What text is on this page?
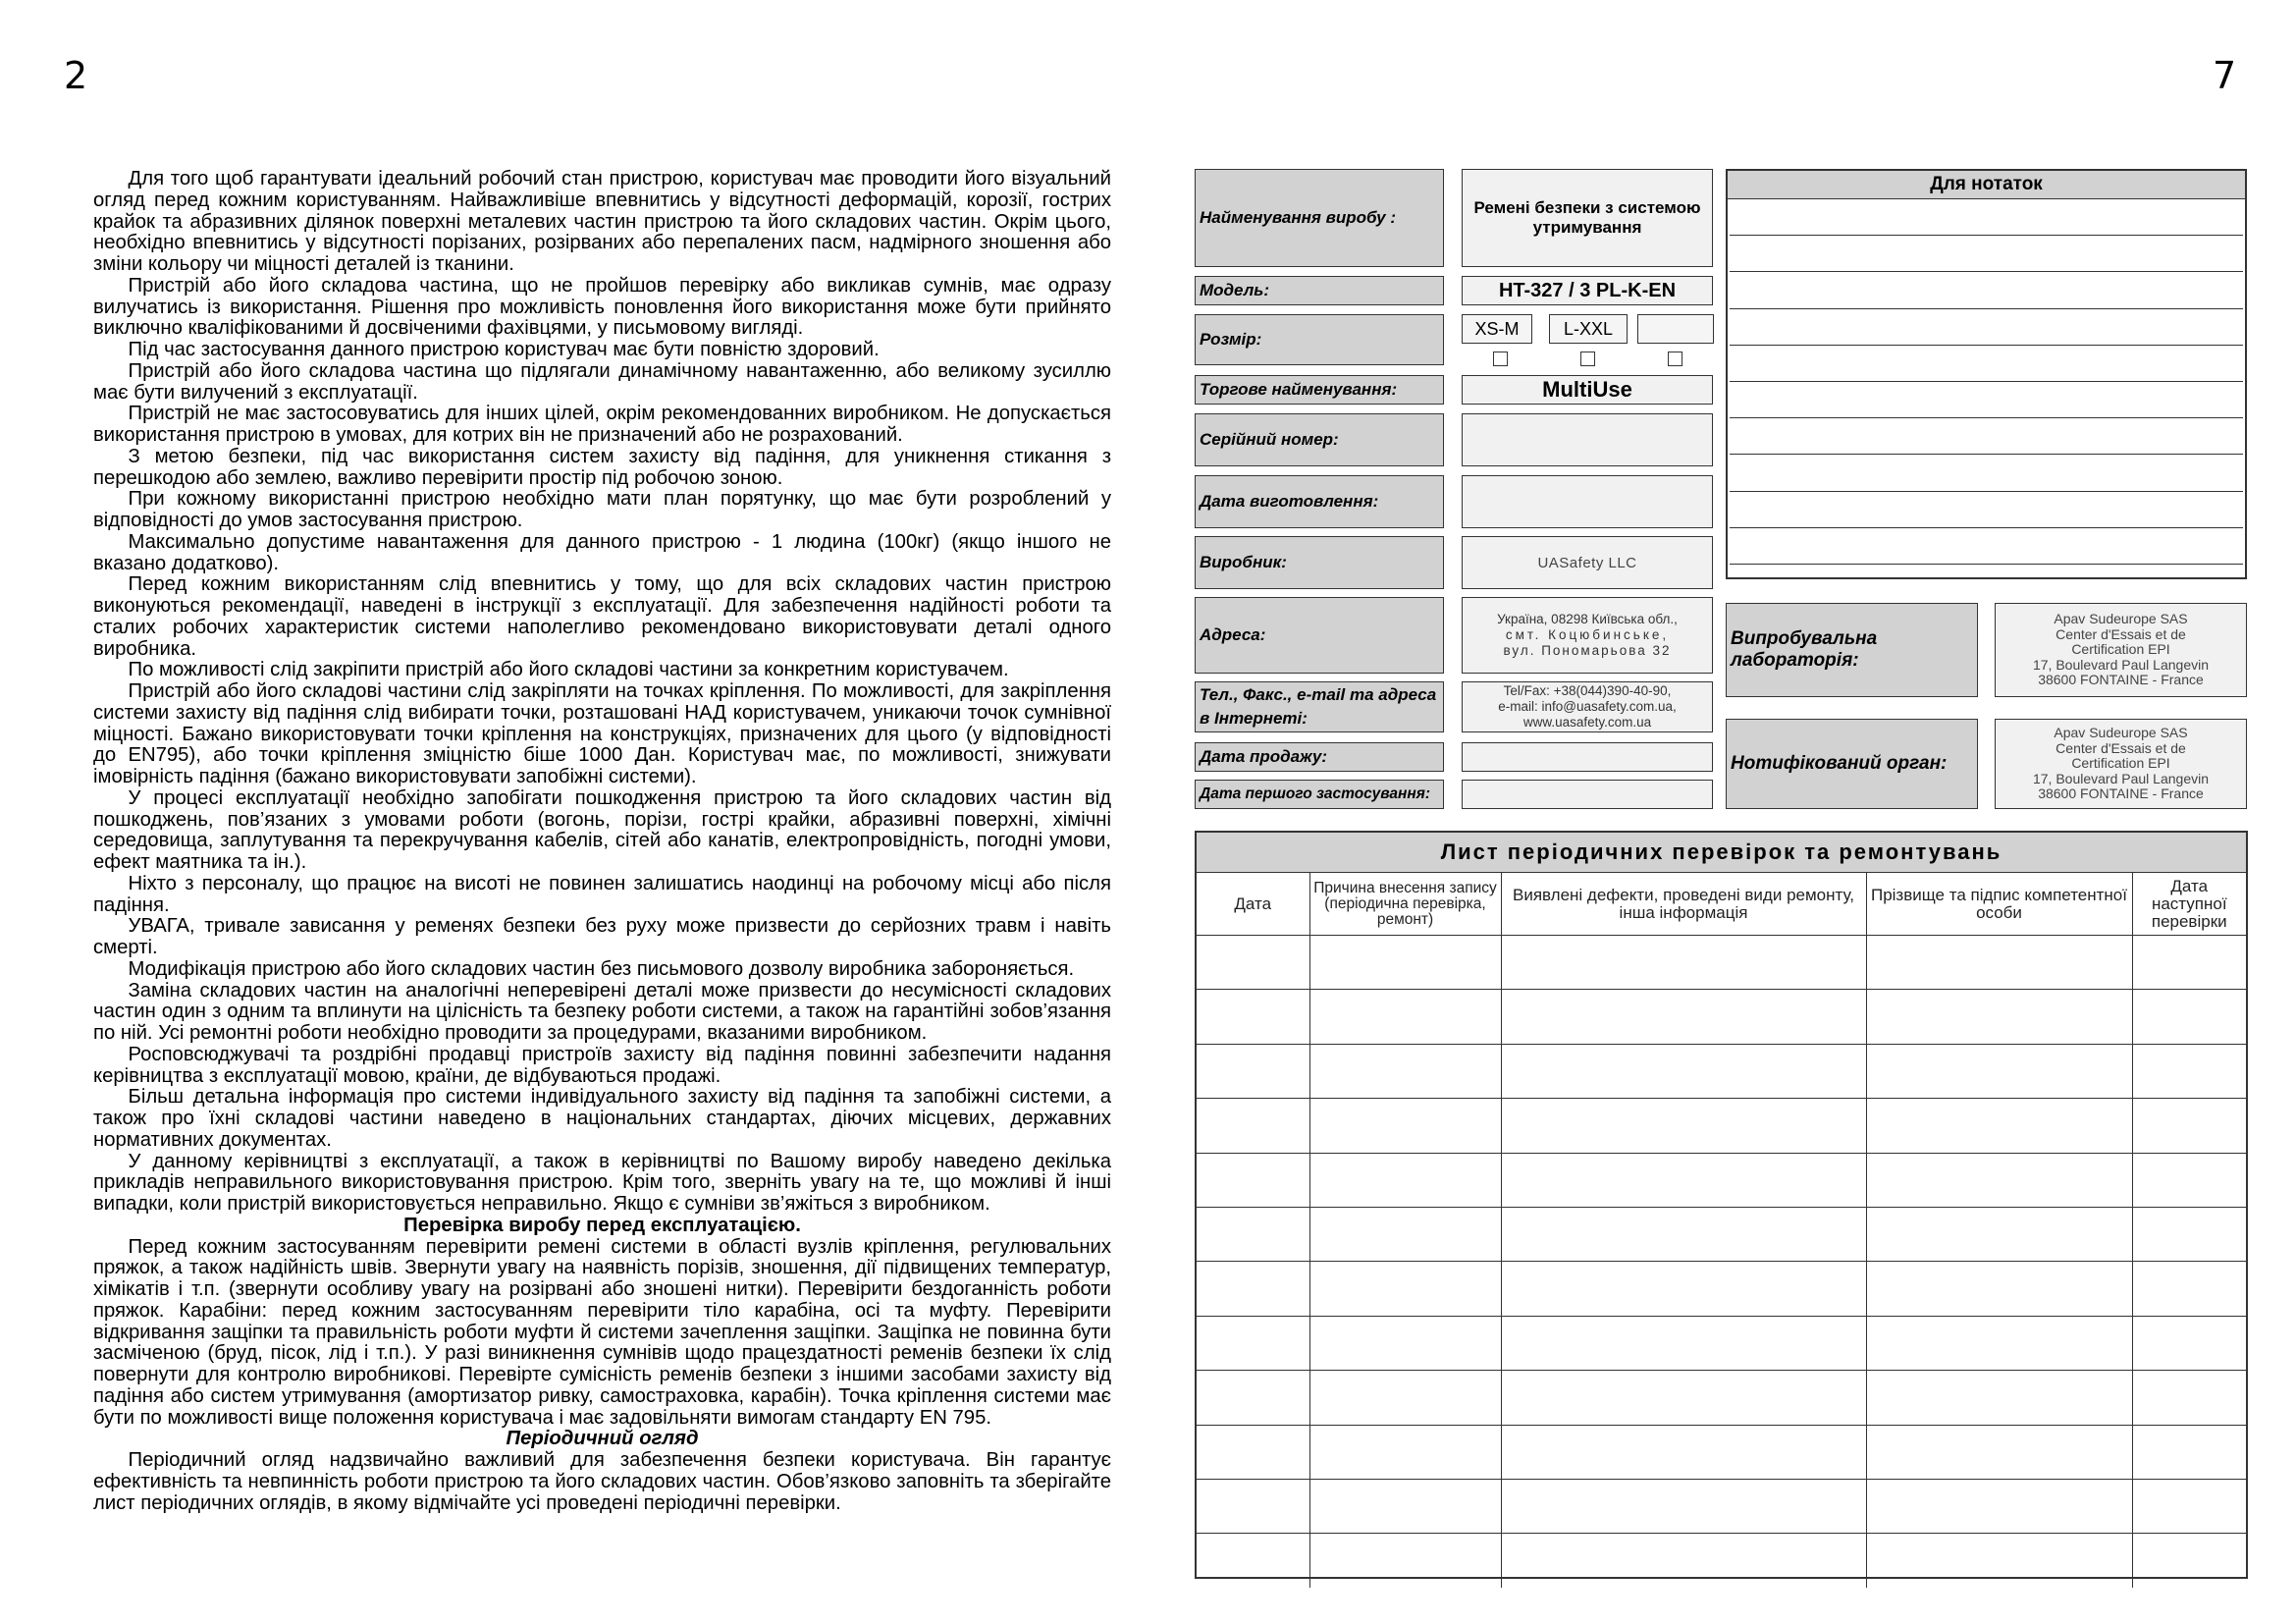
2	7

Для того щоб гарантувати ідеальний робочий стан пристрою, користувач має проводити його візуальний огляд перед кожним користуванням. Найважливіше впевнитись у відсутності деформацій, корозії, гострих крайок та абразивних ділянок поверхні металевих частин пристрою та його складових частин. Окрім цього, необхідно впевнитись у відсутності порізаних, розірваних або перепалених пасм, надмірного зношення або зміни кольору чи міцності деталей із тканини.

Пристрій або його складова частина, що не пройшов перевірку або викликав сумнів, має одразу вилучатись із використання. Рішення про можливість поновлення його використання може бути прийнято виключно кваліфікованими й досвіченими фахівцями, у письмовому вигляді.

Під час застосування данного пристрою користувач має бути повністю здоровий.

Пристрій або його складова частина що підлягали динамічному навантаженню, або великому зусиллю має бути вилучений з експлуатації.

Пристрій не має застосовуватись для інших цілей, окрім рекомендованних виробником. Не допускається використання пристрою в умовах, для котрих він не призначений або не розрахований.

З метою безпеки, під час використання систем захисту від падіння, для уникнення стикання з перешкодою або землею, важливо перевірити простір під робочою зоною.

При кожному використанні пристрою необхідно мати план порятунку, що має бути розроблений у відповідності до умов застосування пристрою.

Максимально допустиме навантаження для данного пристрою - 1 людина (100кг) (якщо іншого не вказано додатково).

Перед кожним використанням слід впевнитись у тому, що для всіх складових частин пристрою виконуються рекомендації, наведені в інструкції з експлуатації. Для забезпечення надійності роботи та сталих робочих характеристик системи наполегливо рекомендовано використовувати деталі одного виробника.

По можливості слід закріпити пристрій або його складові частини за конкретним користувачем.

Пристрій або його складові частини слід закріпляти на точках кріплення. По можливості, для закріплення системи захисту від падіння слід вибирати точки, розташовані НАД користувачем, уникаючи точок сумнівної міцності. Бажано використовувати точки кріплення на конструкціях, призначених для цього (у відповідності до EN795), або точки кріплення зміцністю біше 1000 Дан. Користувач має, по можливості, знижувати імовірність падіння (бажано використовувати запобіжні системи).

У процесі експлуатації необхідно запобігати пошкодження пристрою та його складових частин від пошкоджень, пов’язаних з умовами роботи (вогонь, порізи, гострі крайки, абразивні поверхні, хімічні середовища, заплутування та перекручування кабелів, сітей або канатів, електропровідність, погодні умови, ефект маятника та ін.).

Ніхто з персоналу, що працює на висоті не повинен залишатись наодинці на робочому місці або після падіння.

УВАГА, тривале зависання у ременях безпеки без руху може призвести до серйозних травм і навіть смерті.

Модифікація пристрою або його складових частин без письмового дозволу виробника забороняється.

Заміна складових частин на аналогічні неперевірені деталі може призвести до несумісності складових частин один з одним та вплинути на цілісність та безпеку роботи системи, а також на гарантійні зобов’язання по ній. Усі ремонтні роботи необхідно проводити за процедурами, вказаними виробником.

Росповсюджувачі та роздрібні продавці пристроїв захисту від падіння повинні забезпечити надання керівництва з експлуатації мовою, країни, де відбуваються продажі.

Більш детальна інформація про системи індивідуального захисту від падіння та запобіжні системи, а також про їхні складові частини наведено в національних стандартах, діючих місцевих, державних нормативних документах.

У данному керівництві з експлуатації, а також в керівництві по Вашому виробу наведено декілька прикладів неправильного використовування пристрою. Крім того, зверніть увагу на те, що можливі й інші випадки, коли пристрій використовується неправильно. Якщо є сумніви зв’яжіться з виробником.

Перевірка виробу перед експлуатацією.

Перед кожним застосуванням перевірити ремені системи в області вузлів кріплення, регулювальних пряжок, а також надійність швів. Звернути увагу на наявність порізів, зношення, дії підвищених температур, хімікатів і т.п. (звернути особливу увагу на розірвані або зношені нитки). Перевірити бездоганність роботи пряжок. Карабіни: перед кожним застосуванням перевірити тіло карабіна, осі та муфту. Перевірити відкривання защіпки та правильність роботи муфти й системи зачеплення защіпки. Защіпка не повинна бути засміченою (бруд, пісок, лід і т.п.). У разі виникнення сумнівів щодо працездатності ременів безпеки їх слід повернути для контролю виробникові. Перевірте сумісність ременів безпеки з іншими засобами захисту від падіння або систем утримування (амортизатор ривку, самостраховка, карабін). Точка кріплення системи має бути по можливості вище положення користувача і має задовільняти вимогам стандарту EN 795.

Періодичний огляд

Періодичний огляд надзвичайно важливий для забезпечення безпеки користувача. Він гарантує ефективність та невпинність роботи пристрою та його складових частин. Обов’язково заповніть та зберігайте лист періодичних оглядів, в якому відмічайте усі проведені періодичні перевірки.

Найменування виробу :
Ремені безпеки з системою утримування
Модель:	HT-327 / 3 PL-K-EN
Розмір:
XS-M	L-XXL
Торгове найменування:	MultiUse
Серійний номер:
Дата виготовлення:
Виробник:	UASafety LLC
Адреса:
Україна, 08298 Київська обл.,
смт. Коцюбинське,
вул. Пономарьова 32
Тел., Факс., e-mail та адреса в Інтернеті:
Tel/Fax: +38(044)390-40-90,
e-mail: info@uasafety.com.ua,
www.uasafety.com.ua
Дата продажу:
Дата першого застосування:
Для нотаток
Випробувальна лабораторія:
Apav Sudeurope SAS
Center d'Essais et de
Certification EPI
17, Boulevard Paul Langevin
38600 FONTAINE - France
Нотифікований орган:
Apav Sudeurope SAS
Center d'Essais et de
Certification EPI
17, Boulevard Paul Langevin
38600 FONTAINE - France
Лист періодичних перевірок та ремонтувань
Дата	Причина внесення запису (періодична перевірка, ремонт)	Виявлені дефекти, проведені види ремонту, інша інформація	Прізвище та підпис компетентної особи	Дата наступної перевірки
